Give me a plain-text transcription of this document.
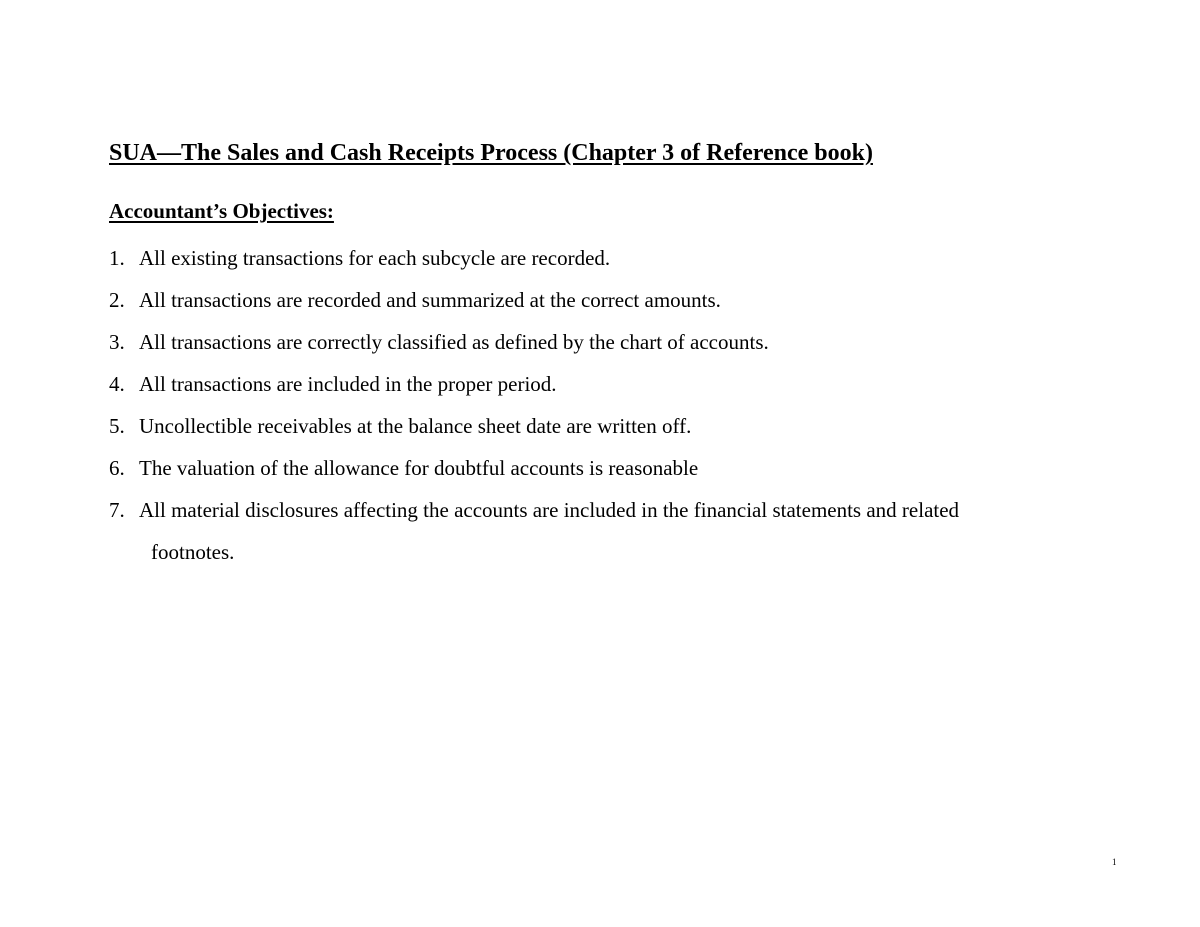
SUA—The Sales and Cash Receipts Process (Chapter 3 of Reference book)
Accountant’s Objectives:
1. All existing transactions for each subcycle are recorded.
2. All transactions are recorded and summarized at the correct amounts.
3. All transactions are correctly classified as defined by the chart of accounts.
4. All transactions are included in the proper period.
5. Uncollectible receivables at the balance sheet date are written off.
6. The valuation of the allowance for doubtful accounts is reasonable
7. All material disclosures affecting the accounts are included in the financial statements and related
footnotes.
1
